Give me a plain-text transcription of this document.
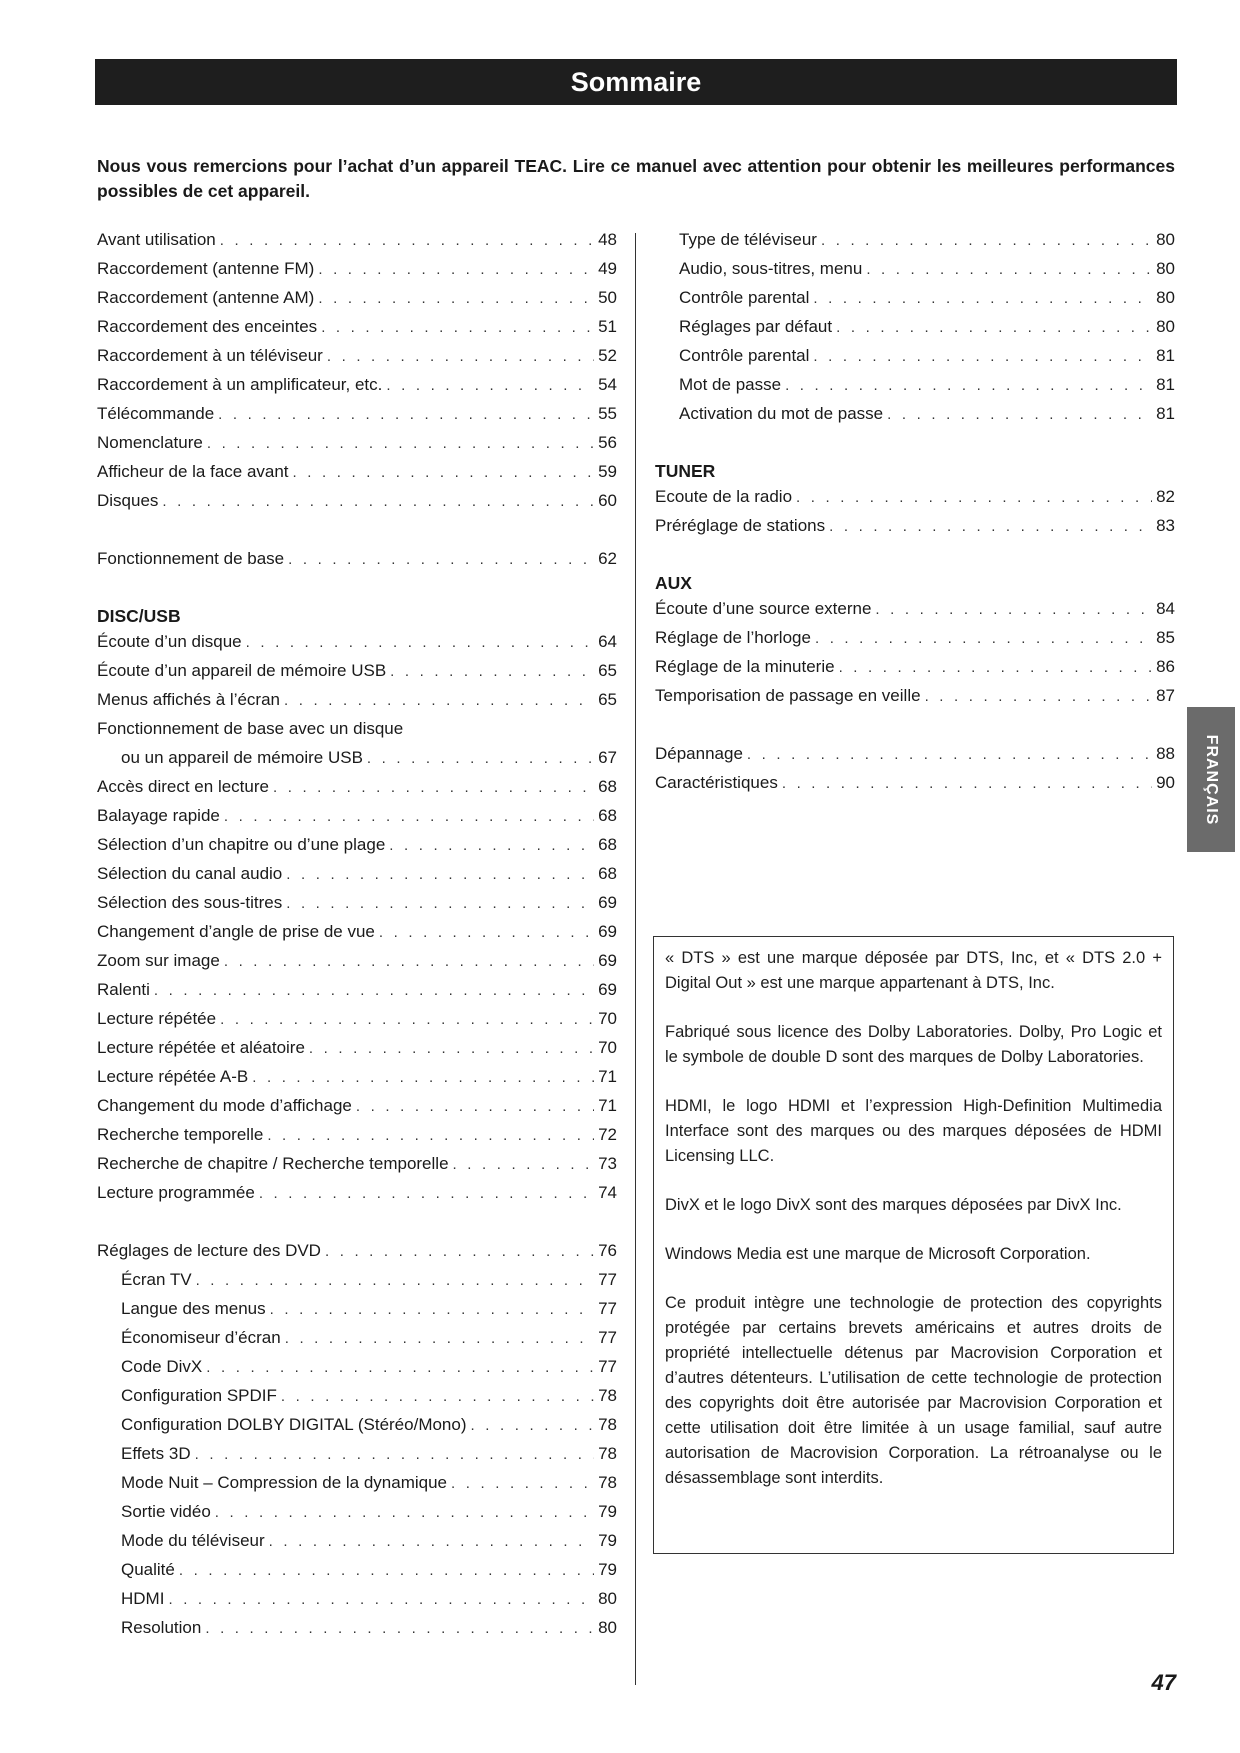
Sommaire
Nous vous remercions pour l’achat d’un appareil TEAC. Lire ce manuel avec attention pour obtenir les meilleures performances possibles de cet appareil.
Avant utilisation . . .	48
Raccordement (antenne FM) . . .	49
Raccordement (antenne AM) . . .	50
Raccordement des enceintes . . .	51
Raccordement à un téléviseur . . .	52
Raccordement à un amplificateur, etc. . . .	54
Télécommande . . .	55
Nomenclature . . .	56
Afficheur de la face avant . . .	59
Disques . . .	60
Fonctionnement de base . . .	62
DISC/USB
Écoute d’un disque . . .	64
Écoute d’un appareil de mémoire USB . . .	65
Menus affichés à l’écran . . .	65
Fonctionnement de base avec un disque
ou un appareil de mémoire USB . . .	67
Accès direct en lecture . . .	68
Balayage rapide . . .	68
Sélection d’un chapitre ou d’une plage . . .	68
Sélection du canal audio . . .	68
Sélection des sous-titres . . .	69
Changement d’angle de prise de vue . . .	69
Zoom sur image . . .	69
Ralenti . . .	69
Lecture répétée . . .	70
Lecture répétée et aléatoire . . .	70
Lecture répétée A-B . . .	71
Changement du mode d’affichage . . .	71
Recherche temporelle . . .	72
Recherche de chapitre / Recherche temporelle . . .	73
Lecture programmée . . .	74
Réglages de lecture des DVD . . .	76
Écran TV . . .	77
Langue des menus . . .	77
Économiseur d’écran . . .	77
Code DivX . . .	77
Configuration SPDIF . . .	78
Configuration DOLBY DIGITAL (Stéréo/Mono) . . .	78
Effets 3D . . .	78
Mode Nuit – Compression de la dynamique . . .	78
Sortie vidéo . . .	79
Mode du téléviseur . . .	79
Qualité . . .	79
HDMI . . .	80
Resolution . . .	80
Type de téléviseur . . .	80
Audio, sous-titres, menu . . .	80
Contrôle parental . . .	80
Réglages par défaut . . .	80
Contrôle parental . . .	81
Mot de passe . . .	81
Activation du mot de passe . . .	81
TUNER
Ecoute de la radio . . .	82
Préréglage de stations . . .	83
AUX
Écoute d’une source externe . . .	84
Réglage de l’horloge . . .	85
Réglage de la minuterie . . .	86
Temporisation de passage en veille . . .	87
Dépannage . . .	88
Caractéristiques . . .	90 FRANÇAIS

« DTS » est une marque déposée par DTS, Inc, et « DTS 2.0 + Digital Out » est une marque appartenant à DTS, Inc.

Fabriqué sous licence des Dolby Laboratories. Dolby, Pro Logic et le symbole de double D sont des marques de Dolby Laboratories.

HDMI, le logo HDMI et l’expression High-Definition Multimedia Interface sont des marques ou des marques déposées de HDMI Licensing LLC.

DivX et le logo DivX sont des marques déposées par DivX Inc.

Windows Media est une marque de Microsoft Corporation.

Ce produit intègre une technologie de protection des copyrights protégée par certains brevets américains et autres droits de propriété intellectuelle détenus par Macrovision Corporation et d’autres détenteurs. L’utilisation de cette technologie de protection des copyrights doit être autorisée par Macrovision Corporation et cette utilisation doit être limitée à un usage familial, sauf autre autorisation de Macrovision Corporation. La rétroanalyse ou le désassemblage sont interdits.

47
